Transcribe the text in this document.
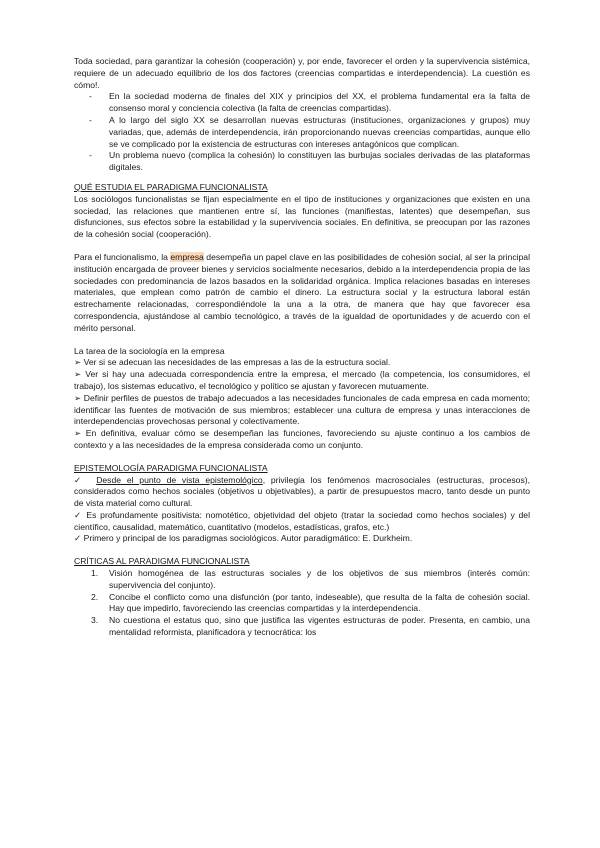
Toda sociedad, para garantizar la cohesión (cooperación) y, por ende, favorecer el orden y la supervivencia sistémica, requiere de un adecuado equilibrio de los dos factores (creencias compartidas e interdependencia). La cuestión es cómo!.

- En la sociedad moderna de finales del XIX y principios del XX, el problema fundamental era la falta de consenso moral y conciencia colectiva (la falta de creencias compartidas).
- A lo largo del siglo XX se desarrollan nuevas estructuras (instituciones, organizaciones y grupos) muy variadas, que, además de interdependencia, irán proporcionando nuevas creencias compartidas, aunque ello se ve complicado por la existencia de estructuras con intereses antagónicos que complican.
- Un problema nuevo (complica la cohesión) lo constituyen las burbujas sociales derivadas de las plataformas digitales.

QUÉ ESTUDIA EL PARADIGMA FUNCIONALISTA

Los sociólogos funcionalistas se fijan especialmente en el tipo de instituciones y organizaciones que existen en una sociedad, las relaciones que mantienen entre sí, las funciones (manifiestas, latentes) que desempeñan, sus disfunciones, sus efectos sobre la estabilidad y la supervivencia sociales. En definitiva, se preocupan por las razones de la cohesión social (cooperación).

Para el funcionalismo, la empresa desempeña un papel clave en las posibilidades de cohesión social, al ser la principal institución encargada de proveer bienes y servicios socialmente necesarios, debido a la interdependencia propia de las sociedades con predominancia de lazos basados en la solidaridad orgánica. Implica relaciones basadas en intereses materiales, que emplean como patrón de cambio el dinero. La estructura social y la estructura laboral están estrechamente relacionadas, correspondiéndole la una a la otra, de manera que hay que favorecer esa correspondencia, ajustándose al cambio tecnológico, a través de la igualdad de oportunidades y de acuerdo con el mérito personal.

La tarea de la sociología en la empresa

➢ Ver si se adecuan las necesidades de las empresas a las de la estructura social.

➢ Ver si hay una adecuada correspondencia entre la empresa, el mercado (la competencia, los consumidores, el trabajo), los sistemas educativo, el tecnológico y político se ajustan y favorecen mutuamente.

➢ Definir perfiles de puestos de trabajo adecuados a las necesidades funcionales de cada empresa en cada momento; identificar las fuentes de motivación de sus miembros; establecer una cultura de empresa y unas interacciones de interdependencias provechosas personal y colectivamente.

➢ En definitiva, evaluar cómo se desempeñan las funciones, favoreciendo su ajuste continuo a los cambios de contexto y a las necesidades de la empresa considerada como un conjunto.

EPISTEMOLOGÍA PARADIGMA FUNCIONALISTA

✓ Desde el punto de vista epistemológico, privilegia los fenómenos macrosociales (estructuras, procesos), considerados como hechos sociales (objetivos u objetivables), a partir de presupuestos macro, tanto desde un punto de vista material como cultural.

✓ Es profundamente positivista: nomotético, objetividad del objeto (tratar la sociedad como hechos sociales) y del científico, causalidad, matemático, cuantitativo (modelos, estadísticas, grafos, etc.)

✓ Primero y principal de los paradigmas sociológicos. Autor paradigmático: E. Durkheim.

CRÍTICAS AL PARADIGMA FUNCIONALISTA

1. Visión homogénea de las estructuras sociales y de los objetivos de sus miembros (interés común: supervivencia del conjunto).
2. Concibe el conflicto como una disfunción (por tanto, indeseable), que resulta de la falta de cohesión social. Hay que impedirlo, favoreciendo las creencias compartidas y la interdependencia.
3. No cuestiona el estatus quo, sino que justifica las vigentes estructuras de poder. Presenta, en cambio, una mentalidad reformista, planificadora y tecnocrática: los
